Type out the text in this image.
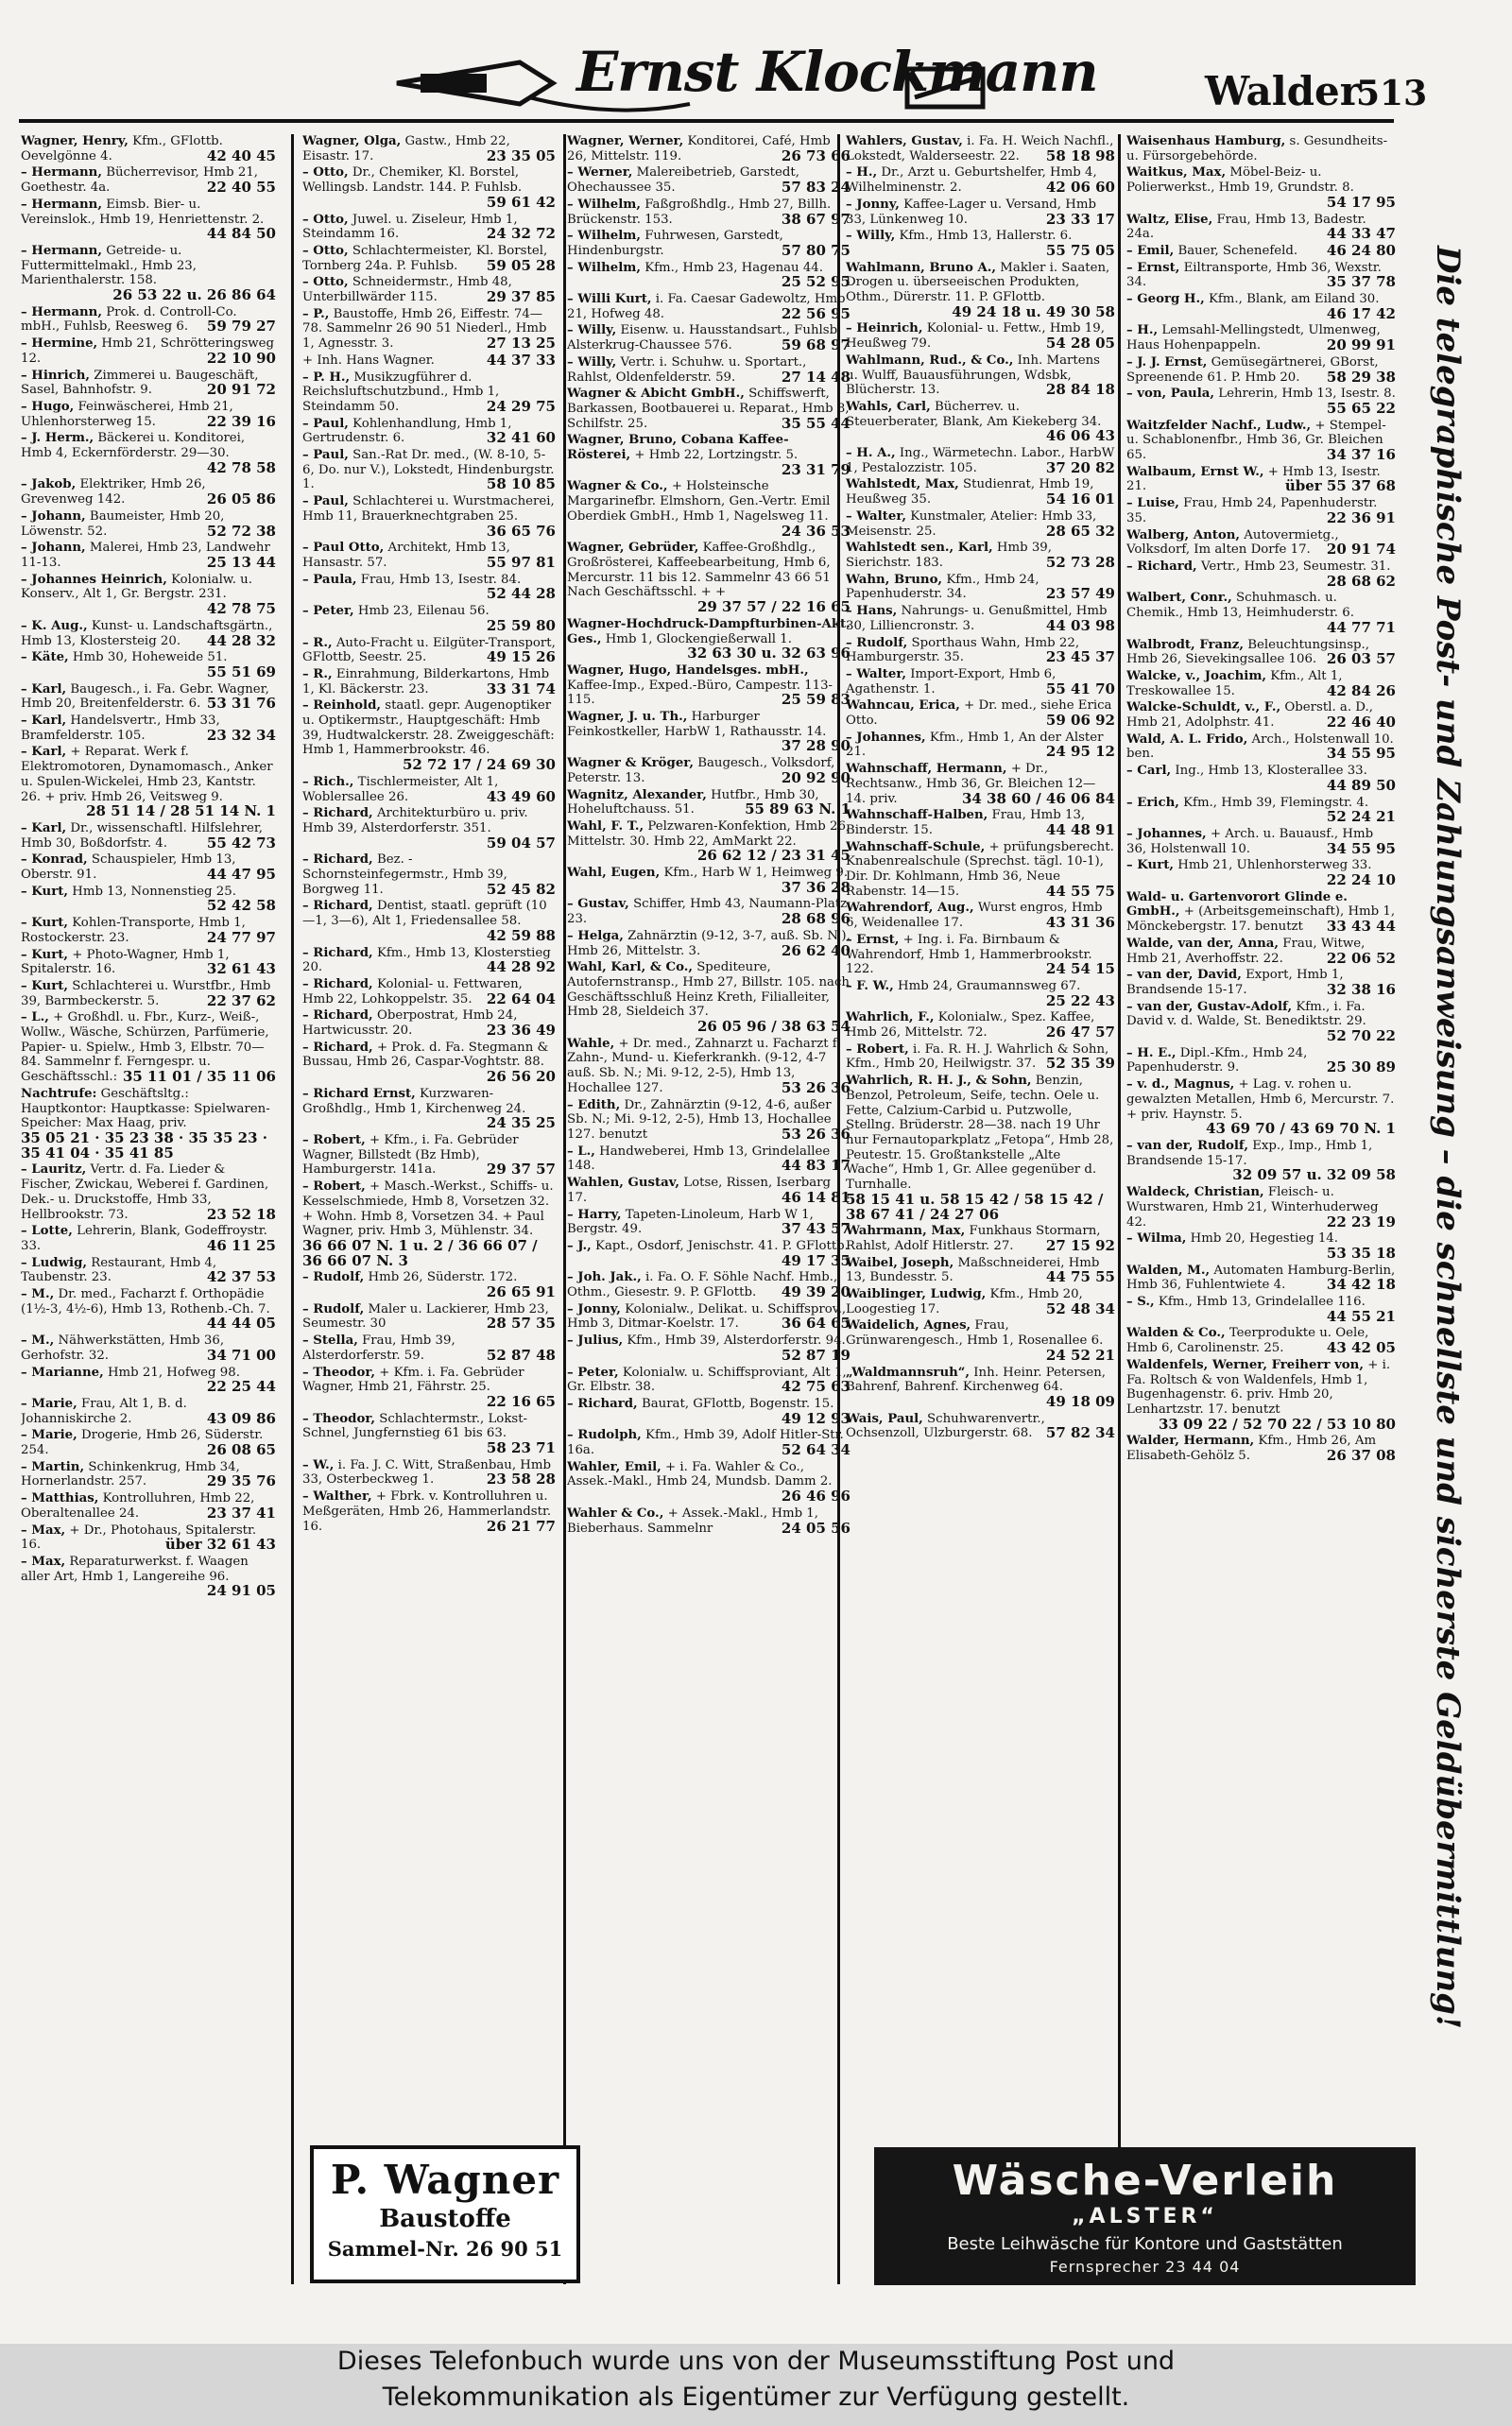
Ernst Klockmann	Walder
513
Wagner, Henry, Kfm., GFlottb. Oevelgönne 4.	42 40 45
– Hermann, Bücherrevisor, Hmb 21, Goethestr. 4a.	22 40 55
– Hermann, Eimsb. Bier- u. Vereinslok., Hmb 19, Henriettenstr. 2.
44 84 50
– Hermann, Getreide- u. Futtermittelmakl., Hmb 23, Marienthalerstr. 158.
26 53 22 u. 26 86 64
– Hermann, Prok. d. Controll-Co. mbH., Fuhlsb, Reesweg 6. 59 79 27
– Hermine, Hmb 21, Schrötteringsweg 12.	22 10 90
– Hinrich, Zimmerei u. Baugeschäft, Sasel, Bahnhofstr. 9.	20 91 72
– Hugo, Feinwäscherei, Hmb 21, Uhlenhorsterweg 15.	22 39 16
– J. Herm., Bäckerei u. Konditorei, Hmb 4, Eckernförderstr. 29—30.
42 78 58
– Jakob, Elektriker, Hmb 26, Grevenweg 142.	26 05 86
– Johann, Baumeister, Hmb 20, Löwenstr. 52.	52 72 38
– Johann, Malerei, Hmb 23, Landwehr 11-13.	25 13 44
– Johannes Heinrich, Kolonialw. u. Konserv., Alt 1, Gr. Bergstr. 231.
42 78 75
– K. Aug., Kunst- u. Landschaftsgärtn., Hmb 13, Klostersteig 20. 44 28 32
– Käte, Hmb 30, Hoheweide 51.
55 51 69
– Karl, Baugesch., i. Fa. Gebr. Wagner, Hmb 20, Breitenfelderstr. 6. 53 31 76
– Karl, Handelsvertr., Hmb 33, Bramfelderstr. 105.	23 32 34
– Karl, + Reparat. Werk f. Elektromotoren, Dynamomasch., Anker u. Spulen-Wickelei, Hmb 23, Kantstr. 26. + priv. Hmb 26, Veitsweg 9.
28 51 14 / 28 51 14 N. 1
– Karl, Dr., wissenschaftl. Hilfslehrer, Hmb 30, Boßdorfstr. 4.	55 42 73
– Konrad, Schauspieler, Hmb 13, Oberstr. 91.	44 47 95
– Kurt, Hmb 13, Nonnenstieg 25.
52 42 58
– Kurt, Kohlen-Transporte, Hmb 1, Rostockerstr. 23.	24 77 97
– Kurt, + Photo-Wagner, Hmb 1, Spitalerstr. 16.	32 61 43
– Kurt, Schlachterei u. Wurstfbr., Hmb 39, Barmbeckerstr. 5.	22 37 62
– L., + Großhdl. u. Fbr., Kurz-, Weiß-, Wollw., Wäsche, Schürzen, Parfümerie, Papier- u. Spielw., Hmb 3, Elbstr. 70—84. Sammelnr f. Ferngespr. u. Geschäftsschl.: 35 11 01 / 35 11 06
Nachtrufe: Geschäftsltg.: Hauptkontor: Hauptkasse: Spielwaren-Speicher: Max Haag, priv.
35 05 21 · 35 23 38 · 35 35 23 · 35 41 04 · 35 41 85
– Lauritz, Vertr. d. Fa. Lieder & Fischer, Zwickau, Weberei f. Gardinen, Dek.- u. Druckstoffe, Hmb 33, Hellbrookstr. 73.	23 52 18
– Lotte, Lehrerin, Blank, Godeffroystr. 33.	46 11 25
– Ludwig, Restaurant, Hmb 4, Taubenstr. 23.	42 37 53
– M., Dr. med., Facharzt f. Orthopädie (1½-3, 4½-6), Hmb 13, Rothenb.-Ch. 7.
44 44 05
– M., Nähwerkstätten, Hmb 36, Gerhofstr. 32.	34 71 00
– Marianne, Hmb 21, Hofweg 98.
22 25 44
– Marie, Frau, Alt 1, B. d. Johanniskirche 2.	43 09 86
– Marie, Drogerie, Hmb 26, Süderstr. 254.	26 08 65
– Martin, Schinkenkrug, Hmb 34, Hornerlandstr. 257.	29 35 76
– Matthias, Kontrolluhren, Hmb 22, Oberaltenallee 24.	23 37 41
– Max, + Dr., Photohaus, Spitalerstr. 16.	über 32 61 43
– Max, Reparaturwerkst. f. Waagen aller Art, Hmb 1, Langereihe 96.
24 91 05
Wagner, Olga, Gastw., Hmb 22, Eisastr. 17.	23 35 05
– Otto, Dr., Chemiker, Kl. Borstel, Wellingsb. Landstr. 144. P. Fuhlsb.
59 61 42
– Otto, Juwel. u. Ziseleur, Hmb 1, Steindamm 16.	24 32 72
– Otto, Schlachtermeister, Kl. Borstel, Tornberg 24a. P. Fuhlsb. 59 05 28
– Otto, Schneidermstr., Hmb 48, Unterbillwärder 115.	29 37 85
– P., Baustoffe, Hmb 26, Eiffestr. 74—78. Sammelnr 26 90 51 Niederl., Hmb 1, Agnesstr. 3.	27 13 25
+ Inh. Hans Wagner.	44 37 33
– P. H., Musikzugführer d. Reichsluftschutzbund., Hmb 1, Steindamm 50.	24 29 75
– Paul, Kohlenhandlung, Hmb 1, Gertrudenstr. 6.	32 41 60
– Paul, San.-Rat Dr. med., (W. 8-10, 5-6, Do. nur V.), Lokstedt, Hindenburgstr. 1.	58 10 85
– Paul, Schlachterei u. Wurstmacherei, Hmb 11, Brauerknechtgraben 25.
36 65 76
– Paul Otto, Architekt, Hmb 13, Hansastr. 57.	55 97 81
– Paula, Frau, Hmb 13, Isestr. 84.
52 44 28
– Peter, Hmb 23, Eilenau 56.
25 59 80
– R., Auto-Fracht u. Eilgüter-Transport, GFlottb, Seestr. 25.	49 15 26
– R., Einrahmung, Bilderkartons, Hmb 1, Kl. Bäckerstr. 23.	33 31 74
– Reinhold, staatl. gepr. Augenoptiker u. Optikermstr., Hauptgeschäft: Hmb 39, Hudtwalckerstr. 28. Zweiggeschäft: Hmb 1, Hammerbrookstr. 46.
52 72 17 / 24 69 30
– Rich., Tischlermeister, Alt 1, Woblersallee 26.	43 49 60
– Richard, Architekturbüro u. priv. Hmb 39, Alsterdorferstr. 351.
59 04 57
– Richard, Bez. - Schornsteinfegermstr., Hmb 39, Borgweg 11.	52 45 82
– Richard, Dentist, staatl. geprüft (10—1, 3—6), Alt 1, Friedensallee 58.
42 59 88
– Richard, Kfm., Hmb 13, Klosterstieg 20.	44 28 92
– Richard, Kolonial- u. Fettwaren, Hmb 22, Lohkoppelstr. 35. 22 64 04
– Richard, Oberpostrat, Hmb 24, Hartwicusstr. 20.	23 36 49
– Richard, + Prok. d. Fa. Stegmann & Bussau, Hmb 26, Caspar-Voghtstr. 88.
26 56 20
– Richard Ernst, Kurzwaren-Großhdlg., Hmb 1, Kirchenweg 24.
24 35 25
– Robert, + Kfm., i. Fa. Gebrüder Wagner, Billstedt (Bz Hmb), Hamburgerstr. 141a.	29 37 57
– Robert, + Masch.-Werkst., Schiffs- u. Kesselschmiede, Hmb 8, Vorsetzen 32. + Wohn. Hmb 8, Vorsetzen 34. + Paul Wagner, priv. Hmb 3, Mühlenstr. 34.
36 66 07 N. 1 u. 2 / 36 66 07 / 36 66 07 N. 3
– Rudolf, Hmb 26, Süderstr. 172.
26 65 91
– Rudolf, Maler u. Lackierer, Hmb 23, Seumestr. 30	28 57 35
– Stella, Frau, Hmb 39, Alsterdorferstr. 59.	52 87 48
– Theodor, + Kfm. i. Fa. Gebrüder Wagner, Hmb 21, Fährstr. 25.
22 16 65
– Theodor, Schlachtermstr., Lokst-Schnel, Jungfernstieg 61 bis 63.
58 23 71
– W., i. Fa. J. C. Witt, Straßenbau, Hmb 33, Osterbeckweg 1.	23 58 28
– Walther, + Fbrk. v. Kontrolluhren u. Meßgeräten, Hmb 26, Hammerlandstr. 16.	26 21 77
Wagner, Werner, Konditorei, Café, Hmb 26, Mittelstr. 119.	26 73 66
– Werner, Malereibetrieb, Garstedt, Ohechaussee 35.	57 83 24
– Wilhelm, Faßgroßhdlg., Hmb 27, Billh. Brückenstr. 153.	38 67 97
– Wilhelm, Fuhrwesen, Garstedt, Hindenburgstr.	57 80 75
– Wilhelm, Kfm., Hmb 23, Hagenau 44.
25 52 95
– Willi Kurt, i. Fa. Caesar Gadewoltz, Hmb 21, Hofweg 48.	22 56 95
– Willy, Eisenw. u. Hausstandsart., Fuhlsb, Alsterkrug-Chaussee 576.	59 68 97
– Willy, Vertr. i. Schuhw. u. Sportart., Rahlst, Oldenfelderstr. 59.	27 14 48
Wagner & Abicht GmbH., Schiffswerft, Barkassen, Bootbauerei u. Reparat., Hmb 8, Schilfstr. 25.	35 55 44
Wagner, Bruno, Cobana Kaffee-Rösterei, + Hmb 22, Lortzingstr. 5.
23 31 79
Wagner & Co., + Holsteinsche Margarinefbr. Elmshorn, Gen.-Vertr. Emil Oberdiek GmbH., Hmb 1, Nagelsweg 11.
24 36 53
Wagner, Gebrüder, Kaffee-Großhdlg., Großrösterei, Kaffeebearbeitung, Hmb 6, Mercurstr. 11 bis 12. Sammelnr 43 66 51 Nach Geschäftsschl. + +
29 37 57 / 22 16 65
Wagner-Hochdruck-Dampfturbinen-Akt. Ges., Hmb 1, Glockengießerwall 1.
32 63 30 u. 32 63 96
Wagner, Hugo, Handelsges. mbH., Kaffee-Imp., Exped.-Büro, Campestr. 113-115.	25 59 83
Wagner, J. u. Th., Harburger Feinkostkeller, HarbW 1, Rathausstr. 14.
37 28 90
Wagner & Kröger, Baugesch., Volksdorf, Peterstr. 13.	20 92 90
Wagnitz, Alexander, Hutfbr., Hmb 30, Hoheluftchauss. 51.	55 89 63 N. 1
Wahl, F. T., Pelzwaren-Konfektion, Hmb 26, Mittelstr. 30. Hmb 22, AmMarkt 22.
26 62 12 / 23 31 45
Wahl, Eugen, Kfm., Harb W 1, Heimweg 9.
37 36 28
– Gustav, Schiffer, Hmb 43, Naumann-Platz 23.	28 68 96
– Helga, Zahnärztin (9-12, 3-7, auß. Sb. N.), Hmb 26, Mittelstr. 3.	26 62 40
Wahl, Karl, & Co., Spediteure, Autofernstransp., Hmb 27, Billstr. 105. nach Geschäftsschluß Heinz Kreth, Filialleiter, Hmb 28, Sieldeich 37.
26 05 96 / 38 63 54
Wahle, + Dr. med., Zahnarzt u. Facharzt f. Zahn-, Mund- u. Kieferkrankh. (9-12, 4-7 auß. Sb. N.; Mi. 9-12, 2-5), Hmb 13, Hochallee 127.	53 26 36
– Edith, Dr., Zahnärztin (9-12, 4-6, außer Sb. N.; Mi. 9-12, 2-5), Hmb 13, Hochallee 127. benutzt	53 26 36
– L., Handweberei, Hmb 13, Grindelallee 148.	44 83 17
Wahlen, Gustav, Lotse, Rissen, Iserbarg 17.	46 14 81
– Harry, Tapeten-Linoleum, Harb W 1, Bergstr. 49.	37 43 57
– J., Kapt., Osdorf, Jenischstr. 41. P. GFlottb.
49 17 35
– Joh. Jak., i. Fa. O. F. Söhle Nachf. Hmb., Othm., Giesestr. 9. P. GFlottb. 49 39 20
– Jonny, Kolonialw., Delikat. u. Schiffsprov., Hmb 3, Ditmar-Koelstr. 17.	36 64 65
– Julius, Kfm., Hmb 39, Alsterdorferstr. 94.
52 87 19
– Peter, Kolonialw. u. Schiffsproviant, Alt 1, Gr. Elbstr. 38.	42 75 63
– Richard, Baurat, GFlottb, Bogenstr. 15.
49 12 93
– Rudolph, Kfm., Hmb 39, Adolf Hitler-Str. 16a.	52 64 34
Wahler, Emil, + i. Fa. Wahler & Co., Assek.-Makl., Hmb 24, Mundsb. Damm 2.
26 46 96
Wahler & Co., + Assek.-Makl., Hmb 1, Bieberhaus. Sammelnr	24 05 56
Wahlers, Gustav, i. Fa. H. Weich Nachfl., Lokstedt, Walderseestr. 22. 58 18 98
– H., Dr., Arzt u. Geburtshelfer, Hmb 4, Wilhelminenstr. 2.	42 06 60
– Jonny, Kaffee-Lager u. Versand, Hmb 33, Lünkenweg 10.	23 33 17
– Willy, Kfm., Hmb 13, Hallerstr. 6.
55 75 05
Wahlmann, Bruno A., Makler i. Saaten, Drogen u. überseeischen Produkten, Othm., Dürerstr. 11. P. GFlottb.
49 24 18 u. 49 30 58
– Heinrich, Kolonial- u. Fettw., Hmb 19, Heußweg 79.	54 28 05
Wahlmann, Rud., & Co., Inh. Martens u. Wulff, Bauausführungen, Wdsbk, Blücherstr. 13.	28 84 18
Wahls, Carl, Bücherrev. u. Steuerberater, Blank, Am Kiekeberg 34.
46 06 43
– H. A., Ing., Wärmetechn. Labor., HarbW 1, Pestalozzistr. 105.	37 20 82
Wahlstedt, Max, Studienrat, Hmb 19, Heußweg 35.	54 16 01
– Walter, Kunstmaler, Atelier: Hmb 33, Meisenstr. 25.	28 65 32
Wahlstedt sen., Karl, Hmb 39, Sierichstr. 183.	52 73 28
Wahn, Bruno, Kfm., Hmb 24, Papenhuderstr. 34.	23 57 49
– Hans, Nahrungs- u. Genußmittel, Hmb 30, Lilliencronstr. 3.	44 03 98
– Rudolf, Sporthaus Wahn, Hmb 22, Hamburgerstr. 35.	23 45 37
– Walter, Import-Export, Hmb 6, Agathenstr. 1.	55 41 70
Wahncau, Erica, + Dr. med., siehe Erica Otto.	59 06 92
– Johannes, Kfm., Hmb 1, An der Alster 21.	24 95 12
Wahnschaff, Hermann, + Dr., Rechtsanw., Hmb 36, Gr. Bleichen 12—14. priv.	34 38 60 / 46 06 84
Wahnschaff-Halben, Frau, Hmb 13, Binderstr. 15.	44 48 91
Wahnschaff-Schule, + prüfungsberecht. Knabenrealschule (Sprechst. tägl. 10-1), Dir. Dr. Kohlmann, Hmb 36, Neue Rabenstr. 14—15.	44 55 75
Wahrendorf, Aug., Wurst engros, Hmb 6, Weidenallee 17.	43 31 36
– Ernst, + Ing. i. Fa. Birnbaum & Wahrendorf, Hmb 1, Hammerbrookstr. 122.	24 54 15
– F. W., Hmb 24, Graumannsweg 67.
25 22 43
Wahrlich, F., Kolonialw., Spez. Kaffee, Hmb 26, Mittelstr. 72.	26 47 57
– Robert, i. Fa. R. H. J. Wahrlich & Sohn, Kfm., Hmb 20, Heilwigstr. 37. 52 35 39
Wahrlich, R. H. J., & Sohn, Benzin, Benzol, Petroleum, Seife, techn. Oele u. Fette, Calzium-Carbid u. Putzwolle, Stellng. Brüderstr. 28—38. nach 19 Uhr nur Fernautoparkplatz „Fetopa“, Hmb 28, Peutestr. 15. Großtankstelle „Alte Wache“, Hmb 1, Gr. Allee gegenüber d. Turnhalle.
58 15 41 u. 58 15 42 / 58 15 42 / 38 67 41 / 24 27 06
Wahrmann, Max, Funkhaus Stormarn, Rahlst, Adolf Hitlerstr. 27. 27 15 92
Waibel, Joseph, Maßschneiderei, Hmb 13, Bundesstr. 5.	44 75 55
Waiblinger, Ludwig, Kfm., Hmb 20, Loogestieg 17.	52 48 34
Waidelich, Agnes, Frau, Grünwarengesch., Hmb 1, Rosenallee 6.
24 52 21
„Waldmannsruh“, Inh. Heinr. Petersen, Bahrenf, Bahrenf. Kirchenweg 64.
49 18 09
Wais, Paul, Schuhwarenvertr., Ochsenzoll, Ulzburgerstr. 68. 57 82 34
Waisenhaus Hamburg, s. Gesundheits- u. Fürsorgebehörde.
Waitkus, Max, Möbel-Beiz- u. Polierwerkst., Hmb 19, Grundstr. 8.
54 17 95
Waltz, Elise, Frau, Hmb 13, Badestr. 24a.	44 33 47
– Emil, Bauer, Schenefeld. 46 24 80
– Ernst, Eiltransporte, Hmb 36, Wexstr. 34.	35 37 78
– Georg H., Kfm., Blank, am Eiland 30.
46 17 42
– H., Lemsahl-Mellingstedt, Ulmenweg, Haus Hohenpappeln.	20 99 91
– J. J. Ernst, Gemüsegärtnerei, GBorst, Spreenende 61. P. Hmb 20. 58 29 38
– von, Paula, Lehrerin, Hmb 13, Isestr. 8.
55 65 22
Waitzfelder Nachf., Ludw., + Stempel- u. Schablonenfbr., Hmb 36, Gr. Bleichen 65.	34 37 16
Walbaum, Ernst W., + Hmb 13, Isestr. 21.	über 55 37 68
– Luise, Frau, Hmb 24, Papenhuderstr. 35.	22 36 91
Walberg, Anton, Autovermietg., Volksdorf, Im alten Dorfe 17. 20 91 74
– Richard, Vertr., Hmb 23, Seumestr. 31.
28 68 62
Walbert, Conr., Schuhmasch. u. Chemik., Hmb 13, Heimhuderstr. 6.
44 77 71
Walbrodt, Franz, Beleuchtungsinsp., Hmb 26, Sievekingsallee 106. 26 03 57
Walcke, v., Joachim, Kfm., Alt 1, Treskowallee 15.	42 84 26
Walcke-Schuldt, v., F., Oberstl. a. D., Hmb 21, Adolphstr. 41.	22 46 40
Wald, A. L. Frido, Arch., Holstenwall 10. ben.	34 55 95
– Carl, Ing., Hmb 13, Klosterallee 33.
44 89 50
– Erich, Kfm., Hmb 39, Flemingstr. 4.
52 24 21
– Johannes, + Arch. u. Bauausf., Hmb 36, Holstenwall 10.	34 55 95
– Kurt, Hmb 21, Uhlenhorsterweg 33.
22 24 10
Wald- u. Gartenvorort Glinde e. GmbH., + (Arbeitsgemeinschaft), Hmb 1, Mönckebergstr. 17. benutzt 33 43 44
Walde, van der, Anna, Frau, Witwe, Hmb 21, Averhoffstr. 22.	22 06 52
– van der, David, Export, Hmb 1, Brandsende 15-17.	32 38 16
– van der, Gustav-Adolf, Kfm., i. Fa. David v. d. Walde, St. Benediktstr. 29.
52 70 22
– H. E., Dipl.-Kfm., Hmb 24, Papenhuderstr. 9.	25 30 89
– v. d., Magnus, + Lag. v. rohen u. gewalzten Metallen, Hmb 6, Mercurstr. 7. + priv. Haynstr. 5.
43 69 70 / 43 69 70 N. 1
– van der, Rudolf, Exp., Imp., Hmb 1, Brandsende 15-17.
32 09 57 u. 32 09 58
Waldeck, Christian, Fleisch- u. Wurstwaren, Hmb 21, Winterhuderweg 42.	22 23 19
– Wilma, Hmb 20, Hegestieg 14.
53 35 18
Walden, M., Automaten Hamburg-Berlin, Hmb 36, Fuhlentwiete 4.	34 42 18
– S., Kfm., Hmb 13, Grindelallee 116.
44 55 21
Walden & Co., Teerprodukte u. Oele, Hmb 6, Carolinenstr. 25.	43 42 05
Waldenfels, Werner, Freiherr von, + i. Fa. Roltsch & von Waldenfels, Hmb 1, Bugenhagenstr. 6. priv. Hmb 20, Lenhartzstr. 17. benutzt
33 09 22 / 52 70 22 / 53 10 80
Walder, Hermann, Kfm., Hmb 26, Am Elisabeth-Gehölz 5.	26 37 08
P. Wagner
Baustoffe
Sammel-Nr. 26 90 51
Wäsche-Verleih
„ALSTER“
Beste Leihwäsche für Kontore und Gaststätten
Fernsprecher 23 44 04
Die telegraphische Post- und Zahlungsanweisung – die schnellste und sicherste Geldübermittlung!
Dieses Telefonbuch wurde uns von der Museumsstiftung Post und
Telekommunikation als Eigentümer zur Verfügung gestellt.
